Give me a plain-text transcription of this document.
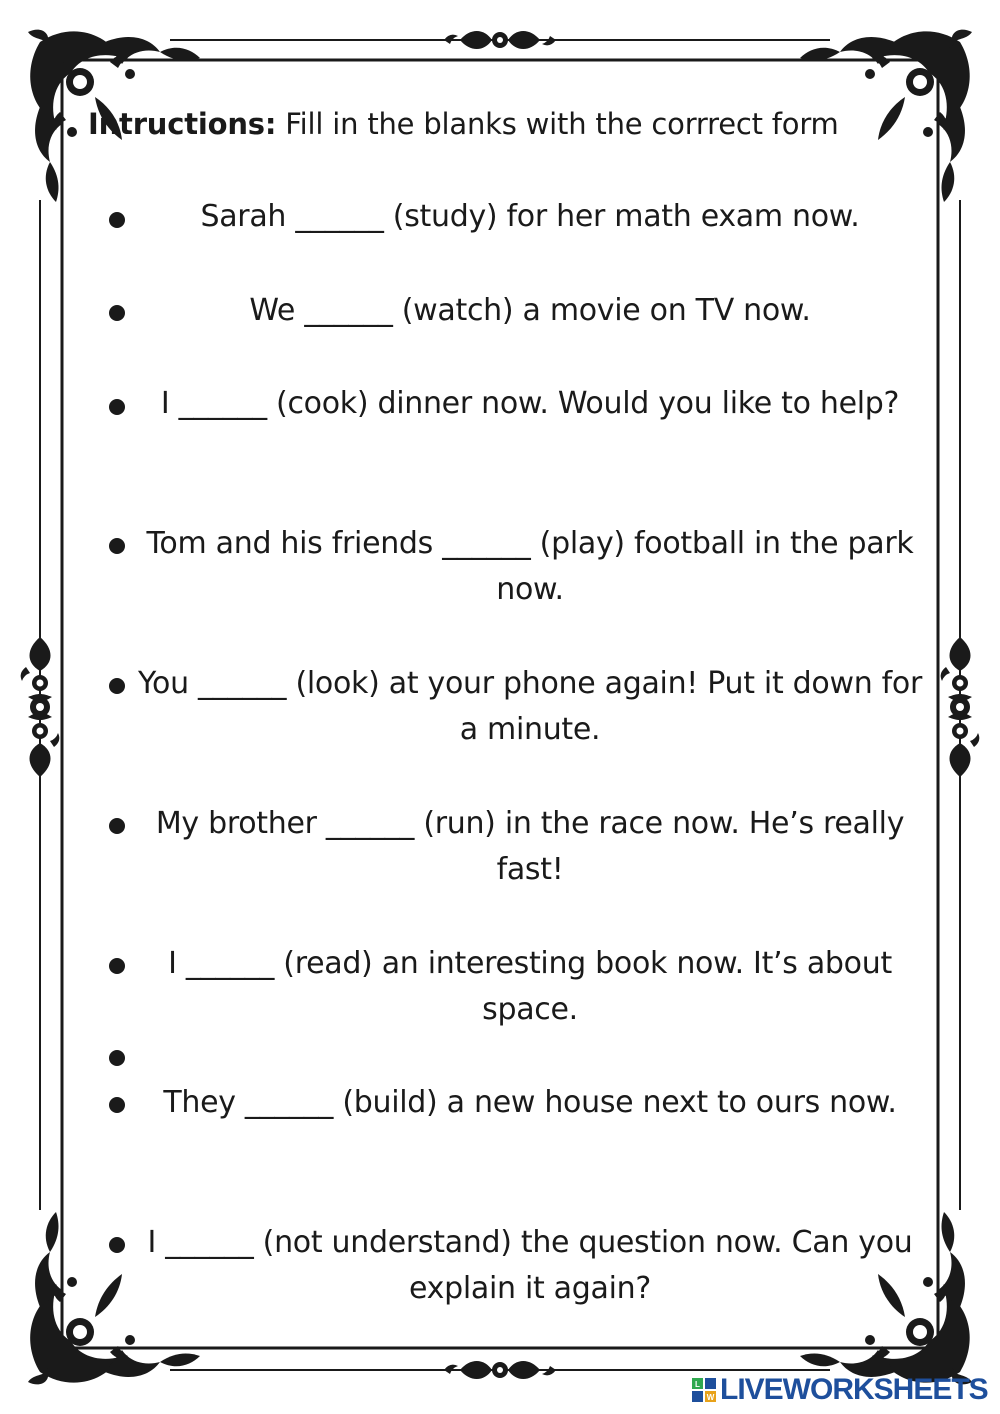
Intructions: Fill in the blanks with the corrrect form
Sarah ______ (study) for her math exam now.
We ______ (watch) a movie on TV now.
I ______ (cook) dinner now. Would you like to help?
Tom and his friends ______ (play) football in the park now.
You ______ (look) at your phone again! Put it down for a minute.
My brother ______ (run) in the race now. He’s really fast!
I ______ (read) an interesting book now. It’s about space.
They ______ (build) a new house next to ours now.
I ______ (not understand) the question now. Can you explain it again?
L
W LIVEWORKSHEETS
